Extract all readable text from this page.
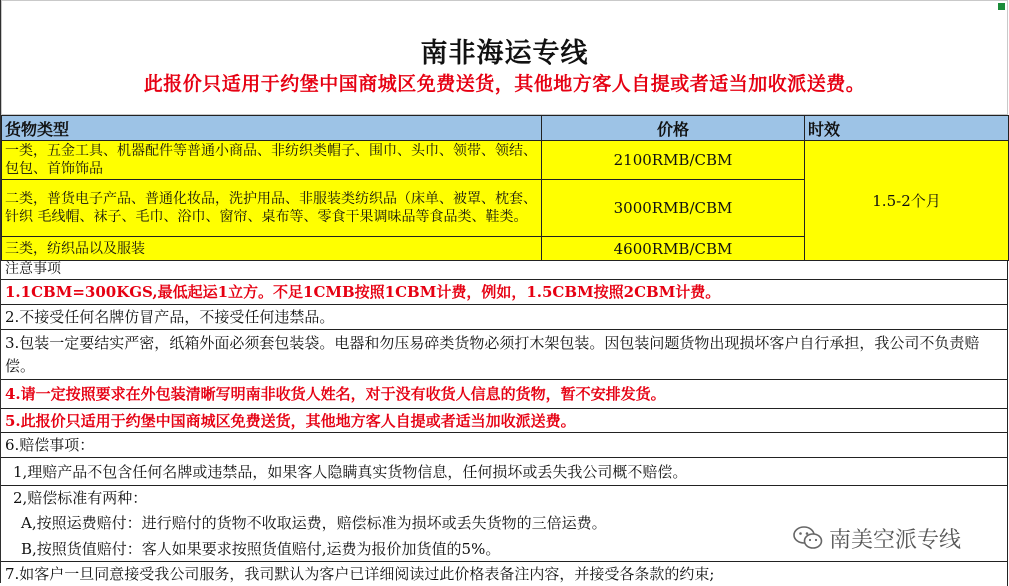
南非海运专线
此报价只适用于约堡中国商城区免费送货，其他地方客人自提或者适当加收派送费。
货物类型	价格	时效
一类，五金工具、机器配件等普通小商品、非纺织类帽子、围巾、头巾、领带、领结、包包、首饰饰品	2100RMB/CBM	1.5-2个月
二类，普货电子产品、普通化妆品，洗护用品、非服装类纺织品（床单、被罩、枕套、针织 毛线帽、袜子、毛巾、浴巾、窗帘、桌布等、零食干果调味品等食品类、鞋类。	3000RMB/CBM	
三类，纺织品以及服装	4600RMB/CBM	
注意事项
1.1CBM=300KGS,最低起运1立方。不足1CMB按照1CBM计费，例如，1.5CBM按照2CBM计费。
2.不接受任何名牌仿冒产品，不接受任何违禁品。
3.包装一定要结实严密，纸箱外面必须套包装袋。电器和勿压易碎类货物必须打木架包装。因包装问题货物出现损坏客户自行承担，我公司不负责赔偿。
4.请一定按照要求在外包装清晰写明南非收货人姓名，对于没有收货人信息的货物，暂不安排发货。
5.此报价只适用于约堡中国商城区免费送货，其他地方客人自提或者适当加收派送费。
6.赔偿事项：
1,理赔产品不包含任何名牌或违禁品，如果客人隐瞒真实货物信息，任何损坏或丢失我公司概不赔偿。
2,赔偿标准有两种：
A,按照运费赔付：进行赔付的货物不收取运费，赔偿标准为损坏或丢失货物的三倍运费。
B,按照货值赔付：客人如果要求按照货值赔付,运费为报价加货值的5%。
7.如客户一旦同意接受我公司服务，我司默认为客户已详细阅读过此价格表备注内容，并接受各条款的约束;
南美空派专线
